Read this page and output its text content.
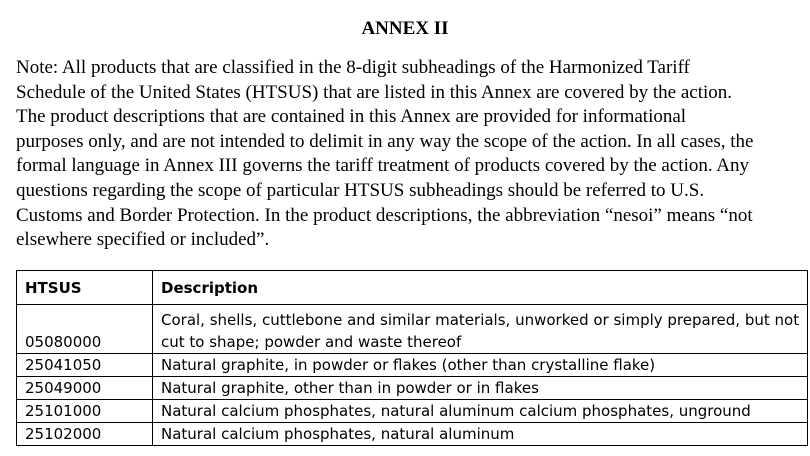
ANNEX II

Note: All products that are classified in the 8-digit subheadings of the Harmonized Tariff
Schedule of the United States (HTSUS) that are listed in this Annex are covered by the action.
The product descriptions that are contained in this Annex are provided for informational
purposes only, and are not intended to delimit in any way the scope of the action. In all cases, the
formal language in Annex III governs the tariff treatment of products covered by the action. Any
questions regarding the scope of particular HTSUS subheadings should be referred to U.S.
Customs and Border Protection. In the product descriptions, the abbreviation “nesoi” means “not
elsewhere specified or included”.

HTSUS	Description
05080000	Coral, shells, cuttlebone and similar materials, unworked or simply prepared, but not
cut to shape; powder and waste thereof

25041050	Natural graphite, in powder or flakes (other than crystalline flake)
25049000	Natural graphite, other than in powder or in flakes
25101000	Natural calcium phosphates, natural aluminum calcium phosphates, unground
25102000	Natural calcium phosphates, natural aluminum
